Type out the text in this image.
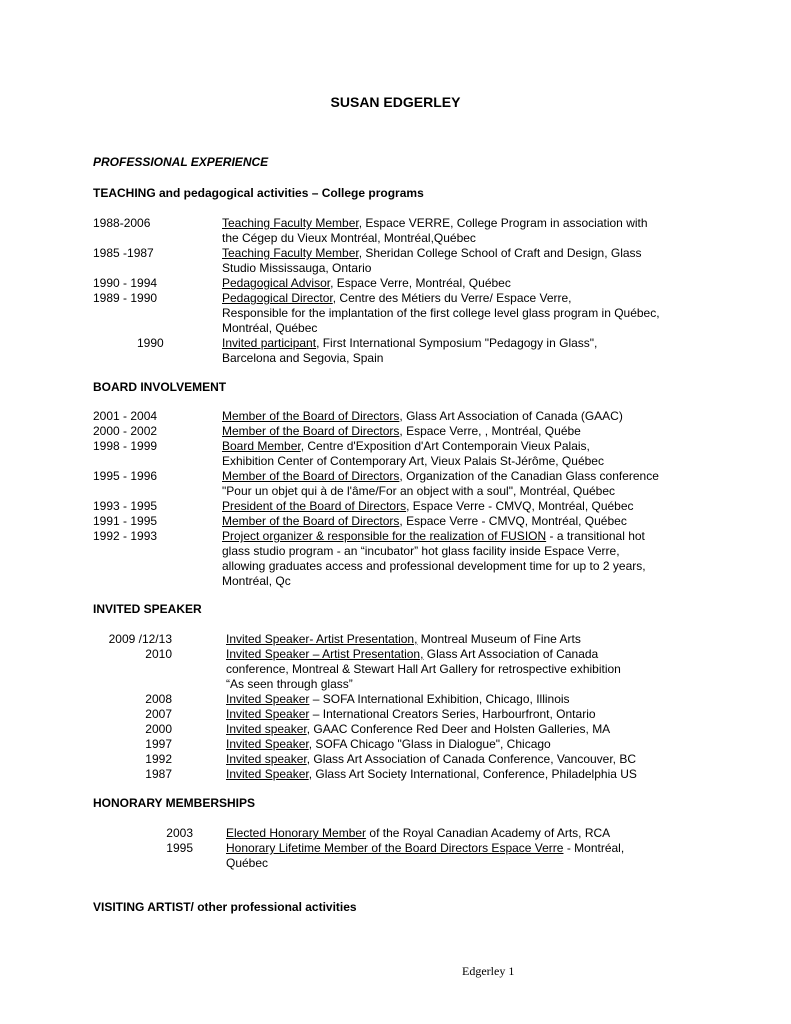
SUSAN EDGERLEY
PROFESSIONAL EXPERIENCE
TEACHING and pedagogical activities – College programs
1988-2006	Teaching Faculty Member, Espace VERRE, College Program in association with
the Cégep du Vieux Montréal, Montréal,Québec
1985 -1987	Teaching Faculty Member, Sheridan College School of Craft and Design, Glass
Studio Mississauga, Ontario
1990 - 1994	Pedagogical Advisor, Espace Verre, Montréal, Québec
1989 - 1990	Pedagogical Director, Centre des Métiers du Verre/ Espace Verre,
Responsible for the implantation of the first college level glass program in Québec,
Montréal, Québec
1990	Invited participant, First International Symposium "Pedagogy in Glass",
Barcelona and Segovia, Spain
BOARD INVOLVEMENT
2001 - 2004	Member of the Board of Directors, Glass Art Association of Canada (GAAC)
2000 - 2002	Member of the Board of Directors, Espace Verre, , Montréal, Québe
1998 - 1999	Board Member, Centre d'Exposition d'Art Contemporain Vieux Palais,
Exhibition Center of Contemporary Art, Vieux Palais St-Jérôme, Québec
1995 - 1996	Member of the Board of Directors, Organization of the Canadian Glass conference
"Pour un objet qui à de l'âme/For an object with a soul", Montréal, Québec
1993 - 1995	President of the Board of Directors, Espace Verre - CMVQ, Montréal, Québec
1991 - 1995	Member of the Board of Directors, Espace Verre - CMVQ, Montréal, Québec
1992 - 1993	Project organizer & responsible for the realization of FUSION - a transitional hot
glass studio program - an “incubator” hot glass facility inside Espace Verre,
allowing graduates access and professional development time for up to 2 years,
Montréal, Qc
INVITED SPEAKER
2009 /12/13	Invited Speaker- Artist Presentation, Montreal Museum of Fine Arts
2010	Invited Speaker – Artist Presentation, Glass Art Association of Canada
conference, Montreal & Stewart Hall Art Gallery for retrospective exhibition
“As seen through glass”
2008	Invited Speaker – SOFA International Exhibition, Chicago, Illinois
2007	Invited Speaker – International Creators Series, Harbourfront, Ontario
2000	Invited speaker, GAAC Conference Red Deer and Holsten Galleries, MA
1997	Invited Speaker, SOFA Chicago "Glass in Dialogue", Chicago
1992	Invited speaker, Glass Art Association of Canada Conference, Vancouver, BC
1987	Invited Speaker, Glass Art Society International, Conference, Philadelphia US
HONORARY MEMBERSHIPS
2003	Elected Honorary Member of the Royal Canadian Academy of Arts, RCA
1995	Honorary Lifetime Member of the Board Directors Espace Verre - Montréal,
Québec
VISITING ARTIST/ other professional activities
Edgerley 1
